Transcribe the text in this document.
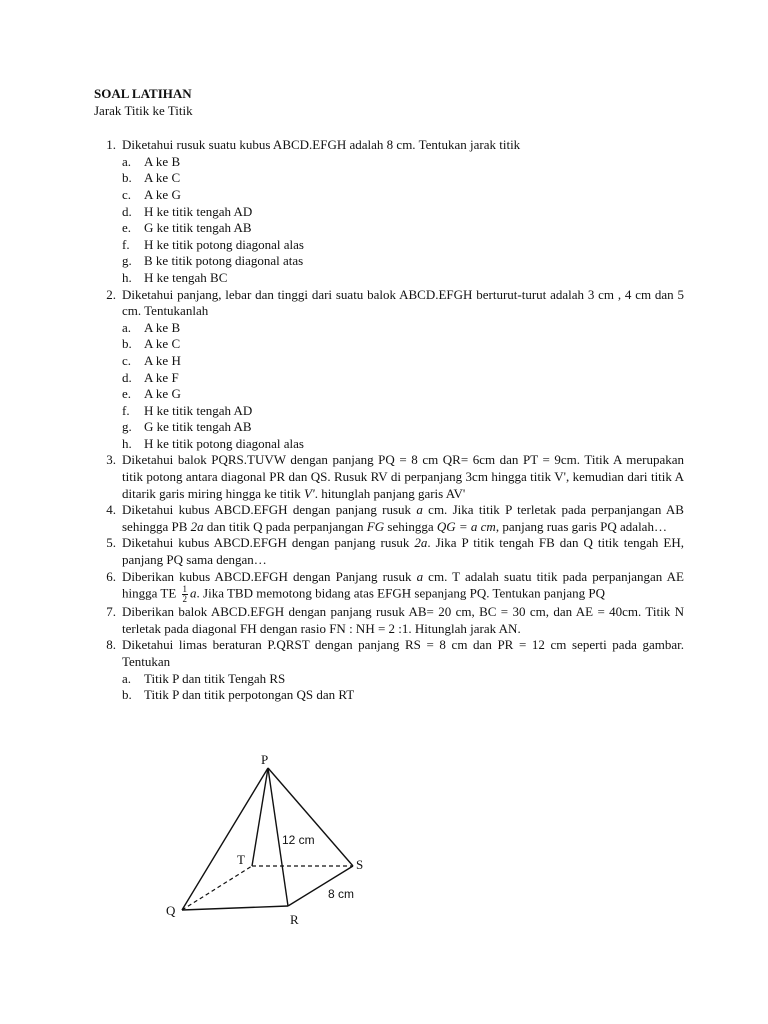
SOAL LATIHAN
Jarak Titik ke Titik
1. Diketahui rusuk suatu kubus ABCD.EFGH adalah 8 cm. Tentukan jarak titik
a. A ke B
b. A ke C
c. A ke G
d. H ke titik tengah AD
e. G ke titik tengah AB
f. H ke titik potong diagonal alas
g. B ke titik potong diagonal atas
h. H ke tengah BC
2. Diketahui panjang, lebar dan tinggi dari suatu balok ABCD.EFGH berturut-turut adalah 3 cm , 4 cm dan 5 cm. Tentukanlah
a. A ke B
b. A ke C
c. A ke H
d. A ke F
e. A ke G
f. H ke titik tengah AD
g. G ke titik tengah AB
h. H ke titik potong diagonal alas
3. Diketahui balok PQRS.TUVW dengan panjang PQ = 8 cm QR= 6cm dan PT = 9cm. Titik A merupakan titik potong antara diagonal PR dan QS. Rusuk RV di perpanjang 3cm hingga titik V', kemudian dari titik A ditarik garis miring hingga ke titik V'. hitunglah panjang garis AV'
4. Diketahui kubus ABCD.EFGH dengan panjang rusuk a cm. Jika titik P terletak pada perpanjangan AB sehingga PB 2a dan titik Q pada perpanjangan FG sehingga QG = a cm, panjang ruas garis PQ adalah…
5. Diketahui kubus ABCD.EFGH dengan panjang rusuk 2a. Jika P titik tengah FB dan Q titik tengah EH, panjang PQ sama dengan…
6. Diberikan kubus ABCD.EFGH dengan Panjang rusuk a cm. T adalah suatu titik pada perpanjangan AE hingga TE $\frac{1}{2} a$. Jika TBD memotong bidang atas EFGH sepanjang PQ. Tentukan panjang PQ
7. Diberikan balok ABCD.EFGH dengan panjang rusuk AB= 20 cm, BC = 30 cm, dan AE = 40cm. Titik N terletak pada diagonal FH dengan rasio FN : NH = 2 :1. Hitunglah jarak AN.
8. Diketahui limas beraturan P.QRST dengan panjang RS = 8 cm dan PR = 12 cm seperti pada gambar. Tentukan
a. Titik P dan titik Tengah RS
b. Titik P dan titik perpotongan QS dan RT
P
Q
R
S
T
12 cm
8 cm
